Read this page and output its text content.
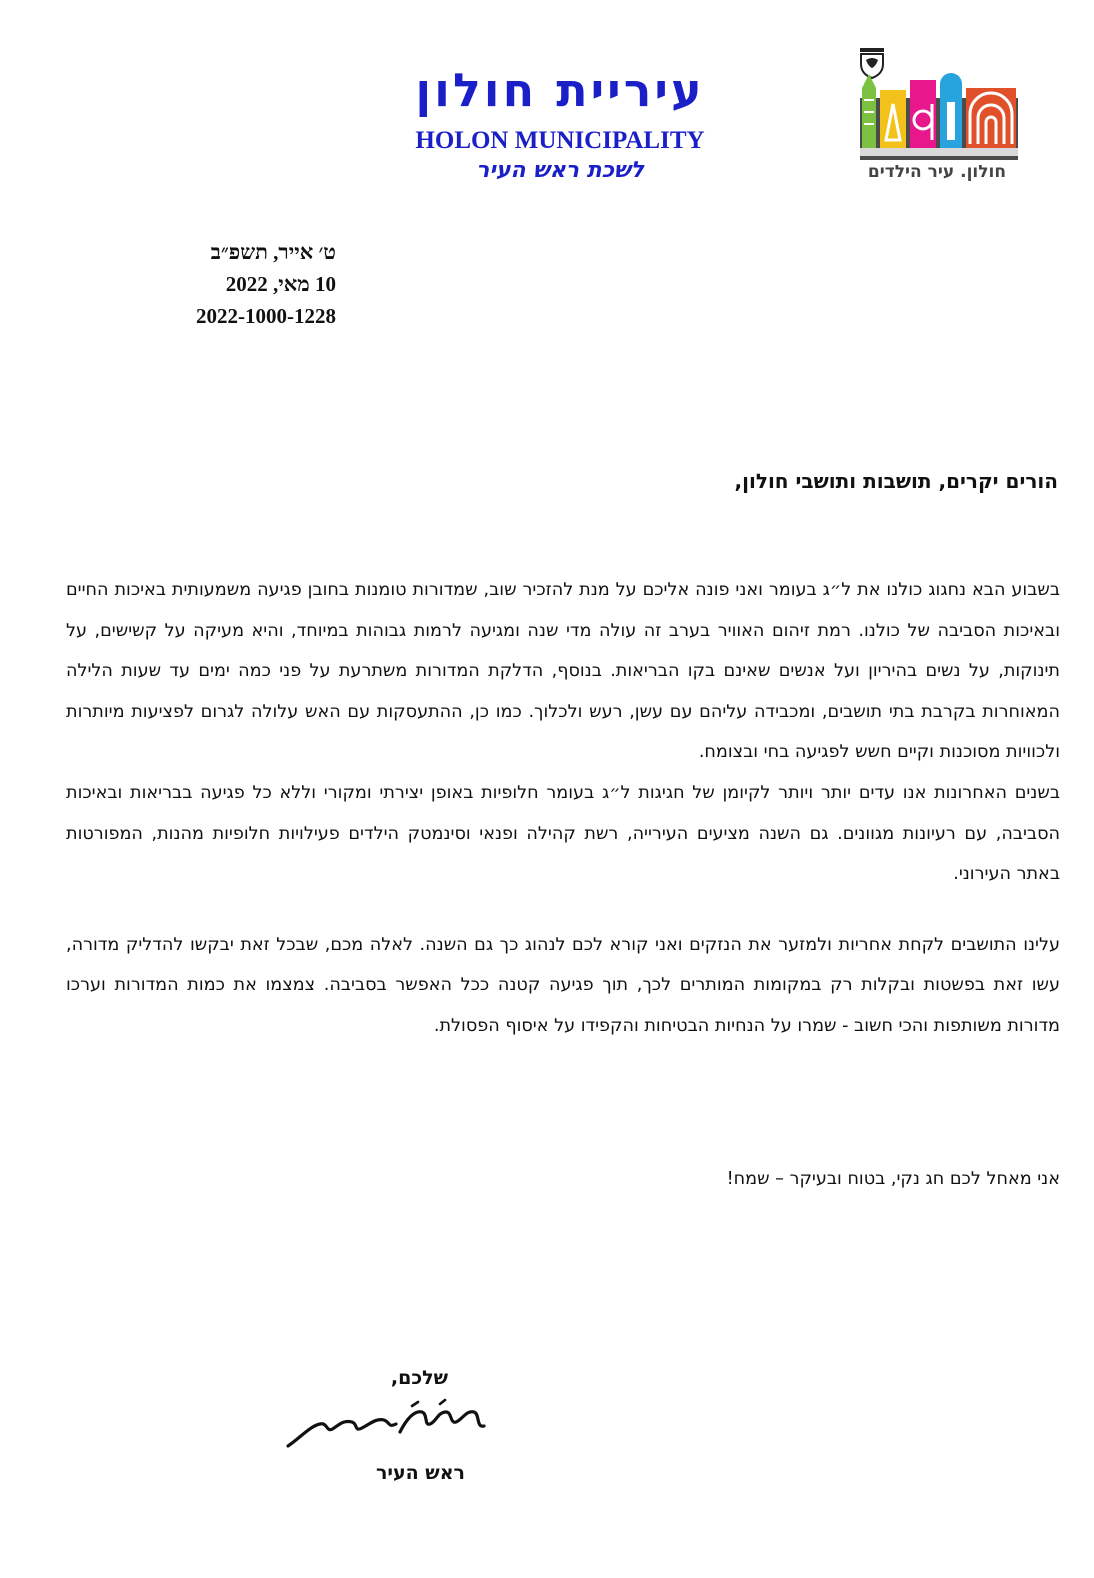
עיריית חולון
HOLON MUNICIPALITY
לשכת ראש העיר	חולון. עיר הילדים
ט׳ אייר, תשפ״ב
10 מאי, 2022
2022-1000-1228
הורים יקרים, תושבות ותושבי חולון,

בשבוע הבא נחגוג כולנו את ל״ג בעומר ואני פונה אליכם על מנת להזכיר שוב, שמדורות טומנות בחובן פגיעה משמעותית באיכות החיים ובאיכות הסביבה של כולנו. רמת זיהום האוויר בערב זה עולה מדי שנה ומגיעה לרמות גבוהות במיוחד, והיא מעיקה על קשישים, על תינוקות, על נשים בהיריון ועל אנשים שאינם בקו הבריאות. בנוסף, הדלקת המדורות משתרעת על פני כמה ימים עד שעות הלילה המאוחרות בקרבת בתי תושבים, ומכבידה עליהם עם עשן, רעש ולכלוך. כמו כן, ההתעסקות עם האש עלולה לגרום לפציעות מיותרות ולכוויות מסוכנות וקיים חשש לפגיעה בחי ובצומח.

בשנים האחרונות אנו עדים יותר ויותר לקיומן של חגיגות ל״ג בעומר חלופיות באופן יצירתי ומקורי וללא כל פגיעה בבריאות ובאיכות הסביבה, עם רעיונות מגוונים. גם השנה מציעים העירייה, רשת קהילה ופנאי וסינמטק הילדים פעילויות חלופיות מהנות, המפורטות באתר העירוני.

עלינו התושבים לקחת אחריות ולמזער את הנזקים ואני קורא לכם לנהוג כך גם השנה. לאלה מכם, שבכל זאת יבקשו להדליק מדורה, עשו זאת בפשטות ובקלות רק במקומות המותרים לכך, תוך פגיעה קטנה ככל האפשר בסביבה. צמצמו את כמות המדורות וערכו מדורות משותפות והכי חשוב - שמרו על הנחיות הבטיחות והקפידו על איסוף הפסולת.

אני מאחל לכם חג נקי, בטוח ובעיקר – שמח!
שלכם,
ראש העיר
